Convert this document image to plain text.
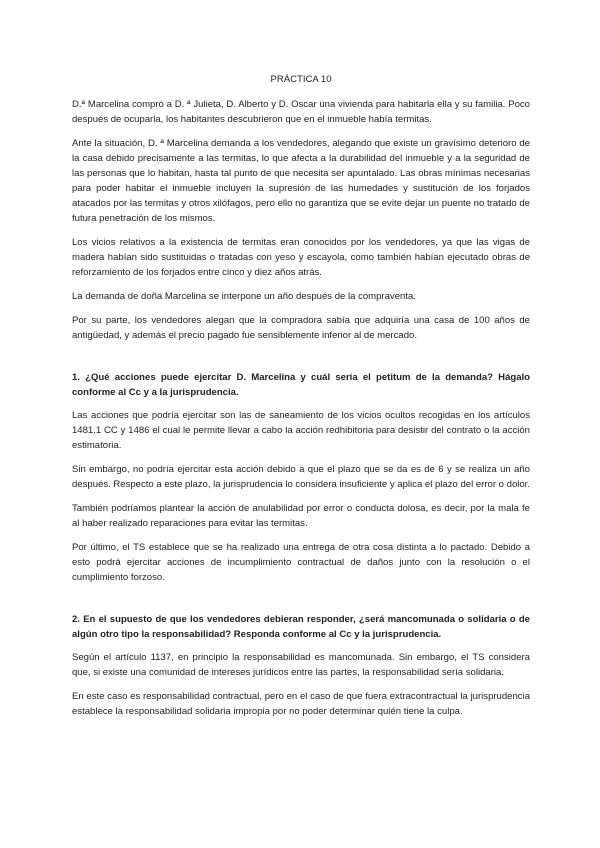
PRÁCTICA 10

D.ª Marcelina compró a D. ª Julieta, D. Alberto y D. Oscar una vivienda para habitarla ella y su familia. Poco después de ocuparla, los habitantes descubrieron que en el inmueble había termitas.

Ante la situación, D. ª Marcelina demanda a los vendedores, alegando que existe un gravísimo deterioro de la casa debido precisamente a las termitas, lo que afecta a la durabilidad del inmueble y a la seguridad de las personas que lo habitan, hasta tal punto de que necesita ser apuntalado. Las obras mínimas necesarias para poder habitar el inmueble incluyen la supresión de las humedades y sustitución de los forjados atacados por las termitas y otros xilófagos, pero ello no garantiza que se evite dejar un puente no tratado de futura penetración de los mismos.

Los vicios relativos a la existencia de termitas eran conocidos por los vendedores, ya que las vigas de madera habían sido sustituidas o tratadas con yeso y escayola, como también habían ejecutado obras de reforzamiento de los forjados entre cinco y diez años atrás.

La demanda de doña Marcelina se interpone un año después de la compraventa.

Por su parte, los vendedores alegan que la compradora sabía que adquiría una casa de 100 años de antigüedad, y además el precio pagado fue sensiblemente inferior al de mercado.

1. ¿Qué acciones puede ejercitar D. Marcelina y cuál sería el petitum de la demanda? Hágalo conforme al Cc y a la jurisprudencia.

Las acciones que podría ejercitar son las de saneamiento de los vicios ocultos recogidas en los artículos 1481.1 CC y 1486 el cual le permite llevar a cabo la acción redhibitoria para desistir del contrato o la acción estimatoria.

Sin embargo, no podría ejercitar esta acción debido a que el plazo que se da es de 6 y se realiza un año después. Respecto a este plazo, la jurisprudencia lo considera insuficiente y aplica el plazo del error o dolor.

También podríamos plantear la acción de anulabilidad por error o conducta dolosa, es decir, por la mala fe al haber realizado reparaciones para evitar las termitas.

Por último, el TS establece que se ha realizado una entrega de otra cosa distinta a lo pactado. Debido a esto podrá ejercitar acciones de incumplimiento contractual de daños junto con la resolución o el cumplimiento forzoso.

2. En el supuesto de que los vendedores debieran responder, ¿será mancomunada o solidaria o de algún otro tipo la responsabilidad? Responda conforme al Cc y la jurisprudencia.

Según el artículo 1137, en principio la responsabilidad es mancomunada. Sin embargo, el TS considera que, si existe una comunidad de intereses jurídicos entre las partes, la responsabilidad sería solidaria.

En este caso es responsabilidad contractual, pero en el caso de que fuera extracontractual la jurisprudencia establece la responsabilidad solidaria impropia por no poder determinar quién tiene la culpa.
